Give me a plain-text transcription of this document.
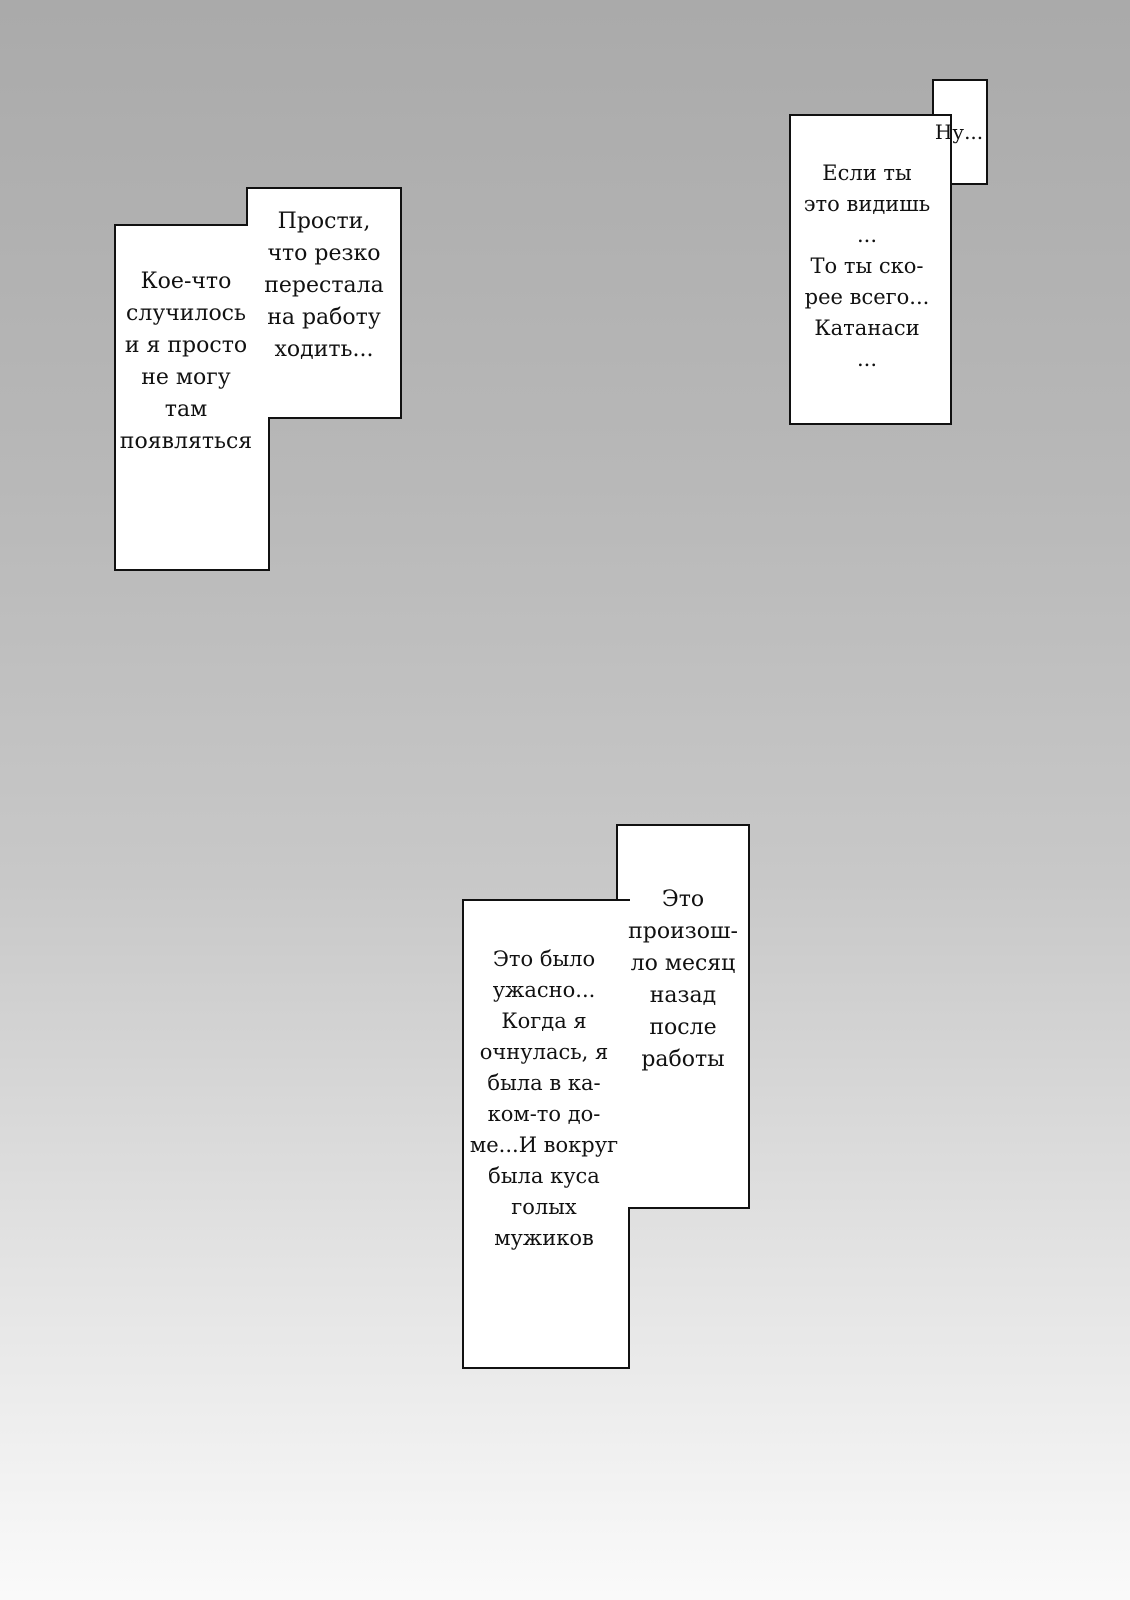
Прости,
что резко
перестала
на работу
ходить...
Кое-что
случилось
и я просто
не могу
там
появляться
Ну...
Если ты
это видишь
...
То ты ско-
рее всего...
Катанаси
...
Это
произош-
ло месяц
назад
после
работы
Это было
ужасно...
Когда я
очнулась, я
была в ка-
ком-то до-
ме...И вокруг
была куса
голых
мужиков
